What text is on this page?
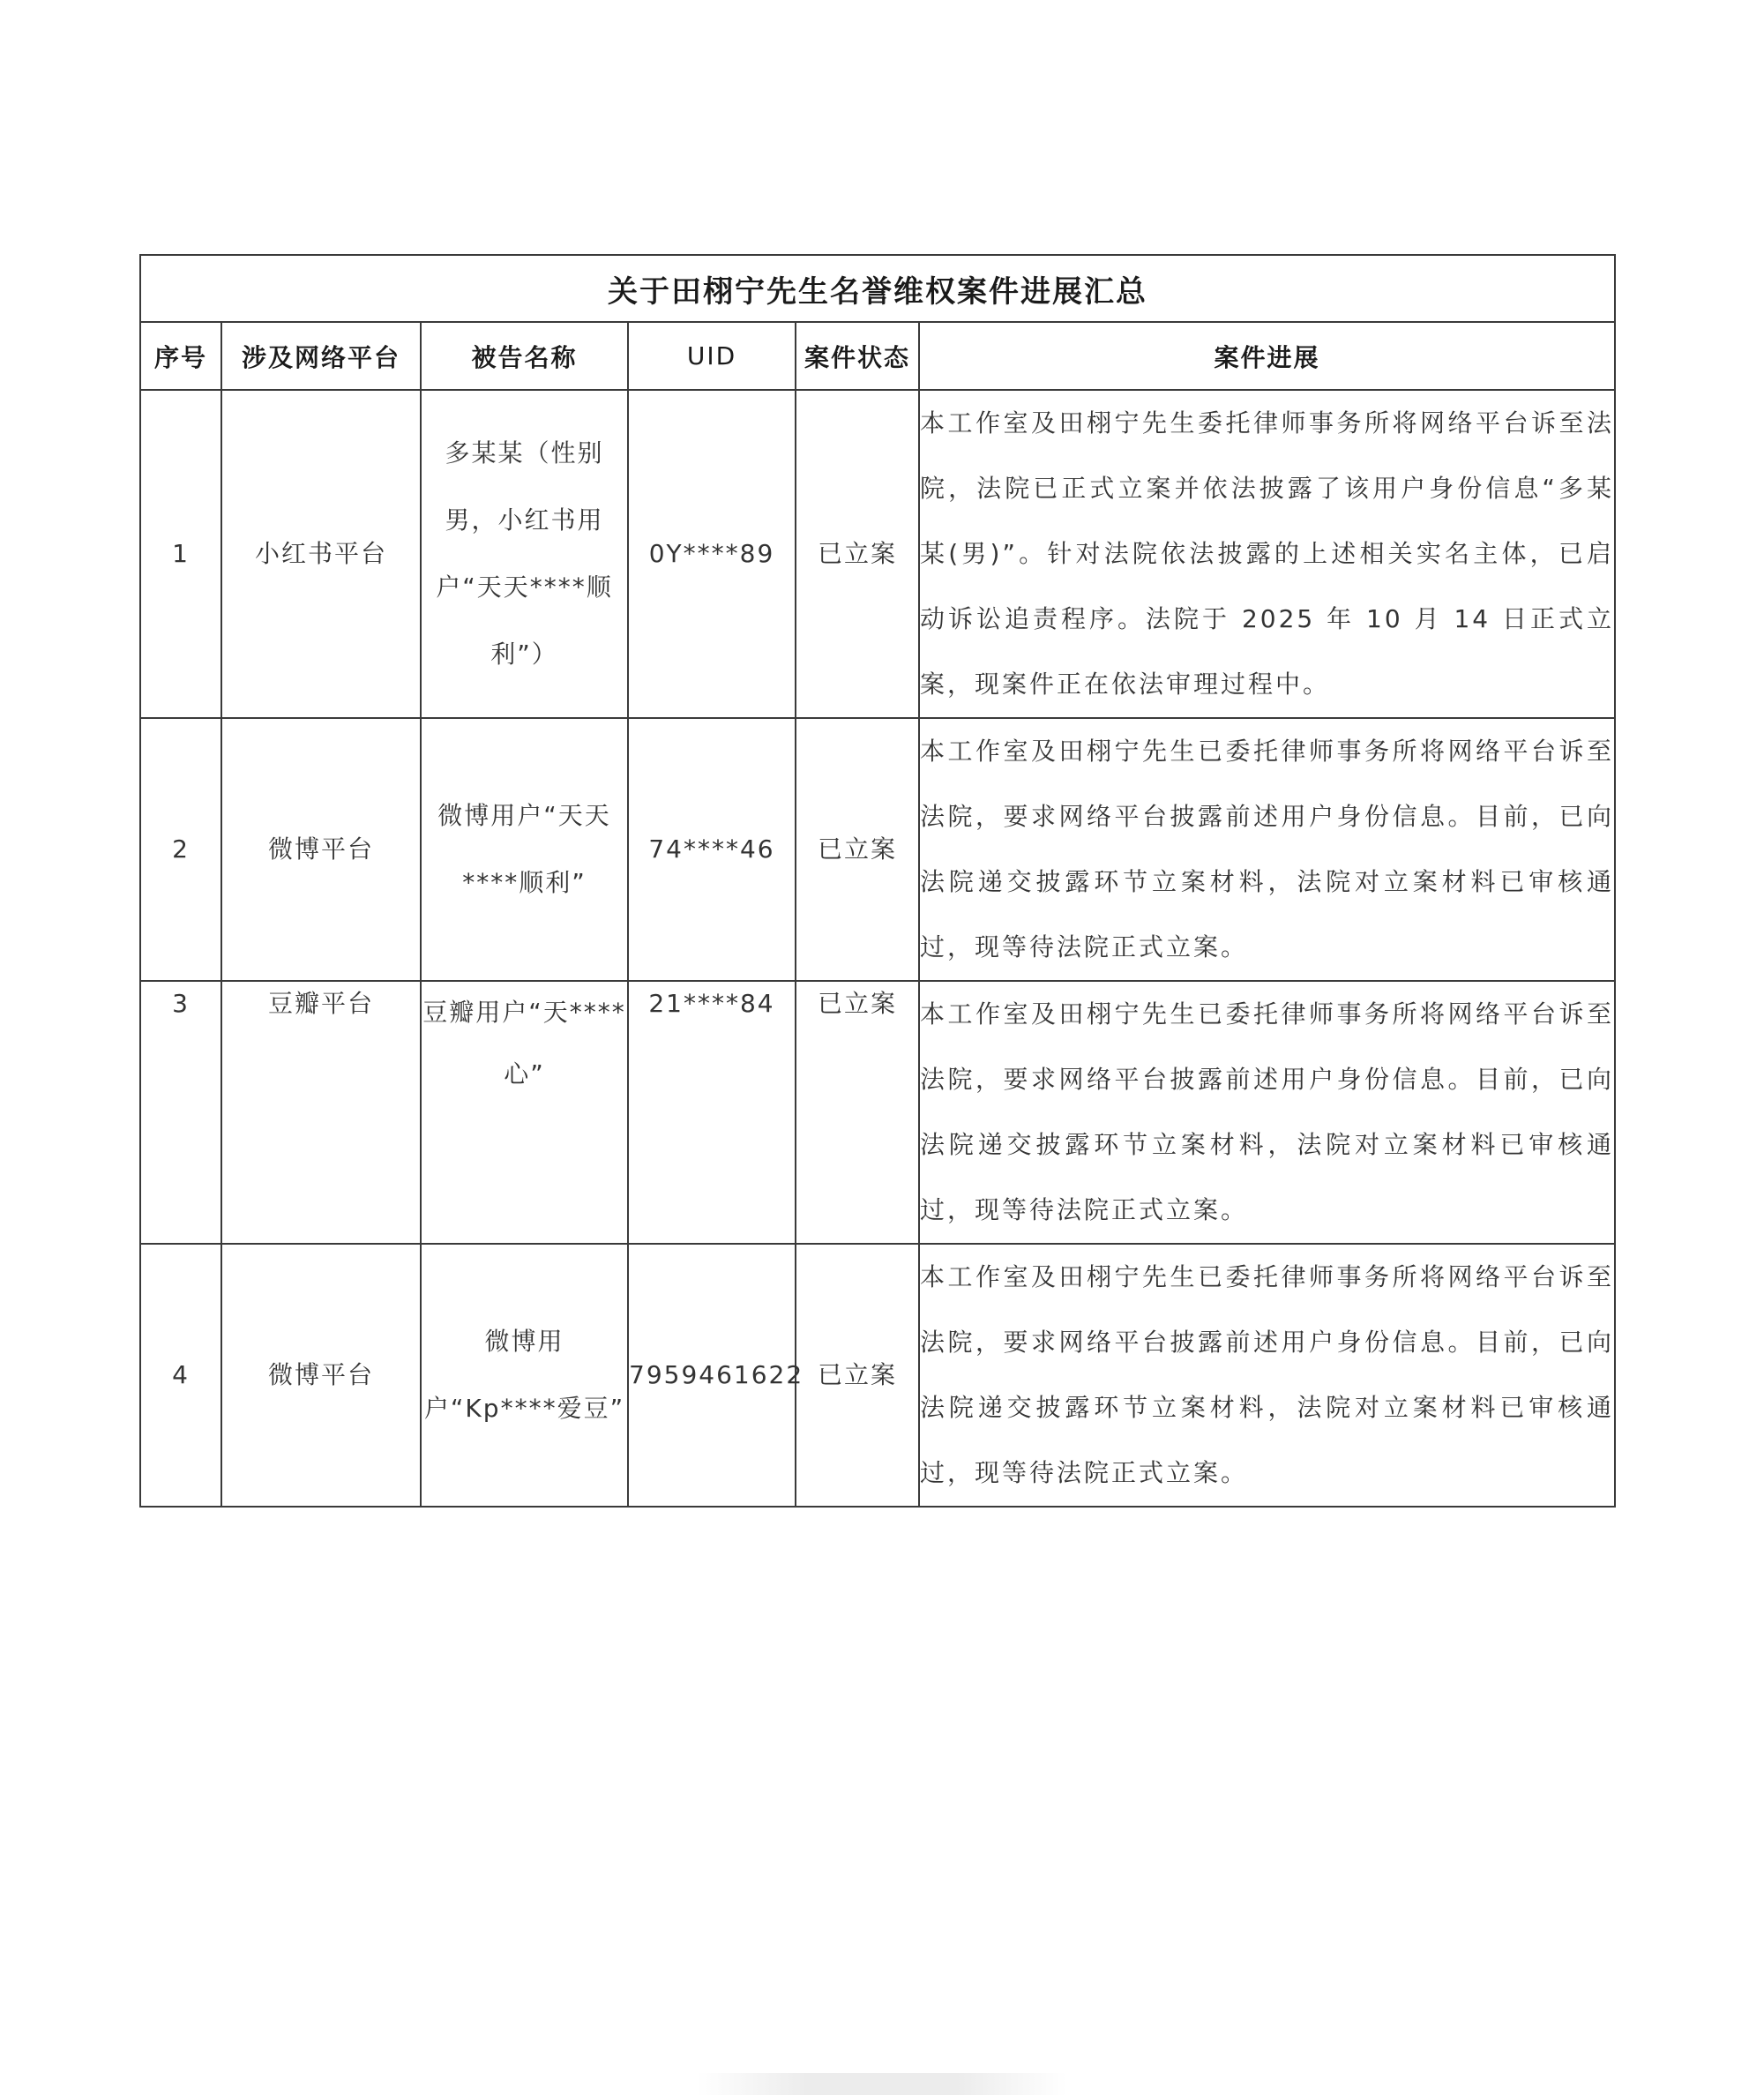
关于田栩宁先生名誉维权案件进展汇总					
序号	涉及网络平台	被告名称	UID	案件状态	案件进展
1	小红书平台	多某某（性别男，小红书用户“天天****顺利”）	0Y****89	已立案	本工作室及田栩宁先生委托律师事务所将网络平台诉至法院，法院已正式立案并依法披露了该用户身份信息“多某某(男)”。针对法院依法披露的上述相关实名主体，已启动诉讼追责程序。法院于 2025 年 10 月 14 日正式立案，现案件正在依法审理过程中。
2	微博平台	微博用户“天天****顺利”	74****46	已立案	本工作室及田栩宁先生已委托律师事务所将网络平台诉至法院，要求网络平台披露前述用户身份信息。目前，已向法院递交披露环节立案材料，法院对立案材料已审核通过，现等待法院正式立案。
3	豆瓣平台	豆瓣用户“天****心”	21****84	已立案	本工作室及田栩宁先生已委托律师事务所将网络平台诉至法院，要求网络平台披露前述用户身份信息。目前，已向法院递交披露环节立案材料，法院对立案材料已审核通过，现等待法院正式立案。
4	微博平台	微博用户“Kp****爱豆”	7959461622	已立案	本工作室及田栩宁先生已委托律师事务所将网络平台诉至法院，要求网络平台披露前述用户身份信息。目前，已向法院递交披露环节立案材料，法院对立案材料已审核通过，现等待法院正式立案。
